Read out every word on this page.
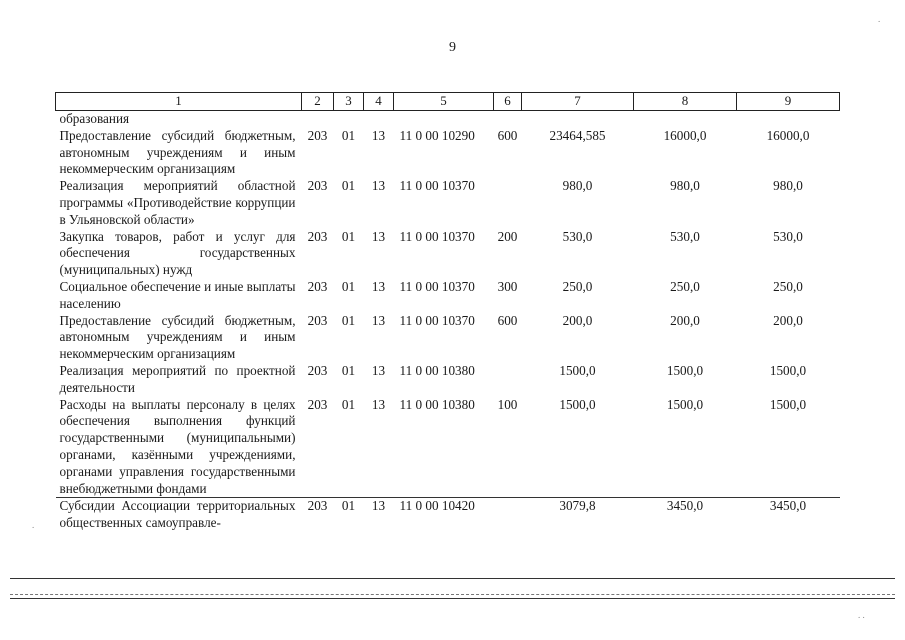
9
1	2	3	4	5	6	7	8	9
образования								
Предоставление субсидий бюджетным, автономным учреждениям и иным некоммерческим организациям	203	01	13	11 0 00 10290	600	23464,585	16000,0	16000,0
Реализация мероприятий областной программы «Противодействие коррупции в Ульяновской области»	203	01	13	11 0 00 10370		980,0	980,0	980,0
Закупка товаров, работ и услуг для обеспечения государственных (муниципальных) нужд	203	01	13	11 0 00 10370	200	530,0	530,0	530,0
Социальное обеспечение и иные выплаты населению	203	01	13	11 0 00 10370	300	250,0	250,0	250,0
Предоставление субсидий бюджетным, автономным учреждениям и иным некоммерческим организациям	203	01	13	11 0 00 10370	600	200,0	200,0	200,0
Реализация мероприятий по проектной деятельности	203	01	13	11 0 00 10380		1500,0	1500,0	1500,0
Расходы на выплаты персоналу в целях обеспечения выполнения функций государственными (муниципальными) органами, казёнными учреждениями, органами управления государственными внебюджетными фондами	203	01	13	11 0 00 10380	100	1500,0	1500,0	1500,0
Субсидии Ассоциации территориальных общественных самоуправле-	203	01	13	11 0 00 10420		3079,8	3450,0	3450,0
.
.
. .
